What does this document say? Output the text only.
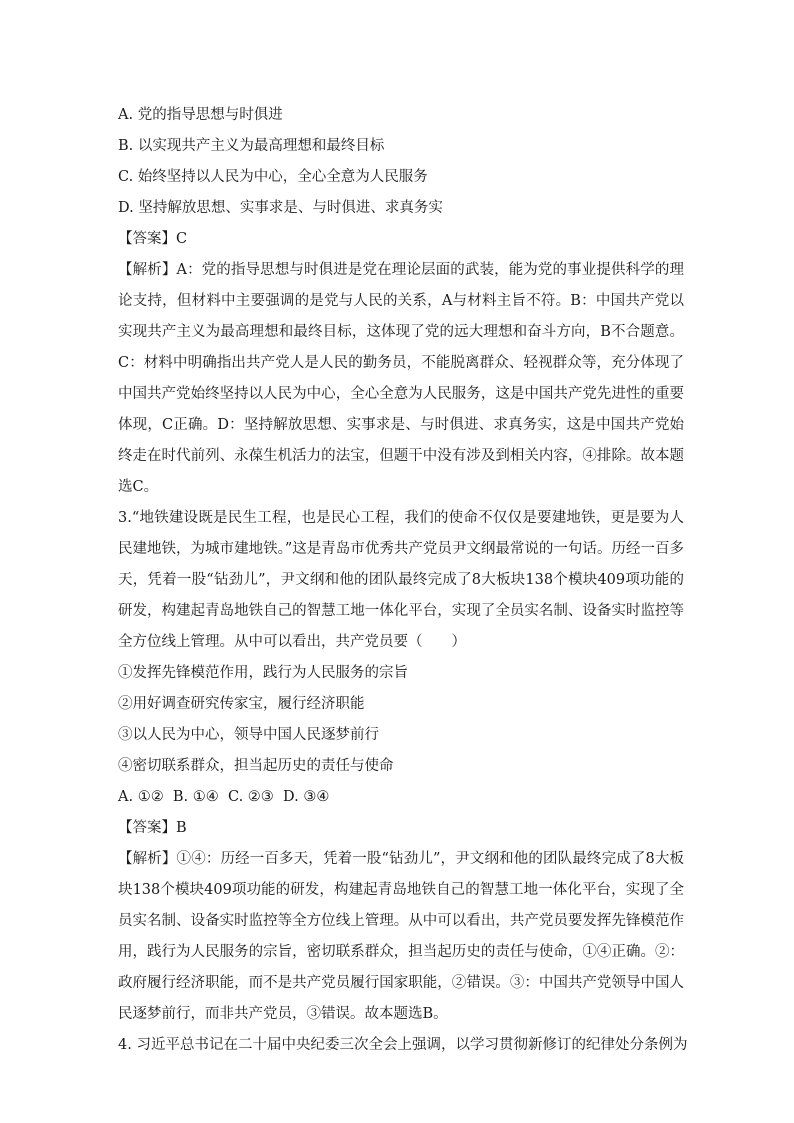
A. 党的指导思想与时俱进
B. 以实现共产主义为最高理想和最终目标
C. 始终坚持以人民为中心，全心全意为人民服务
D. 坚持解放思想、实事求是、与时俱进、求真务实
【答案】C
【解析】A：党的指导思想与时俱进是党在理论层面的武装，能为党的事业提供科学的理论支持，但材料中主要强调的是党与人民的关系，A与材料主旨不符。B：中国共产党以实现共产主义为最高理想和最终目标，这体现了党的远大理想和奋斗方向，B不合题意。C：材料中明确指出共产党人是人民的勤务员，不能脱离群众、轻视群众等，充分体现了中国共产党始终坚持以人民为中心，全心全意为人民服务，这是中国共产党先进性的重要体现，C正确。D：坚持解放思想、实事求是、与时俱进、求真务实，这是中国共产党始终走在时代前列、永葆生机活力的法宝，但题干中没有涉及到相关内容，④排除。故本题选C。
3.“地铁建设既是民生工程，也是民心工程，我们的使命不仅仅是要建地铁，更是要为人民建地铁，为城市建地铁。”这是青岛市优秀共产党员尹文纲最常说的一句话。历经一百多天，凭着一股“钻劲儿”，尹文纲和他的团队最终完成了8大板块138个模块409项功能的研发，构建起青岛地铁自己的智慧工地一体化平台，实现了全员实名制、设备实时监控等全方位线上管理。从中可以看出，共产党员要（　　）
①发挥先锋模范作用，践行为人民服务的宗旨
②用好调查研究传家宝，履行经济职能
③以人民为中心，领导中国人民逐梦前行
④密切联系群众，担当起历史的责任与使命
A. ①②  B. ①④  C. ②③  D. ③④
【答案】B
【解析】①④：历经一百多天，凭着一股“钻劲儿”，尹文纲和他的团队最终完成了8大板块138个模块409项功能的研发，构建起青岛地铁自己的智慧工地一体化平台，实现了全员实名制、设备实时监控等全方位线上管理。从中可以看出，共产党员要发挥先锋模范作用，践行为人民服务的宗旨，密切联系群众，担当起历史的责任与使命，①④正确。②：政府履行经济职能，而不是共产党员履行国家职能，②错误。③：中国共产党领导中国人民逐梦前行，而非共产党员，③错误。故本题选B。
4. 习近平总书记在二十届中央纪委三次全会上强调，以学习贯彻新修订的纪律处分条例为
